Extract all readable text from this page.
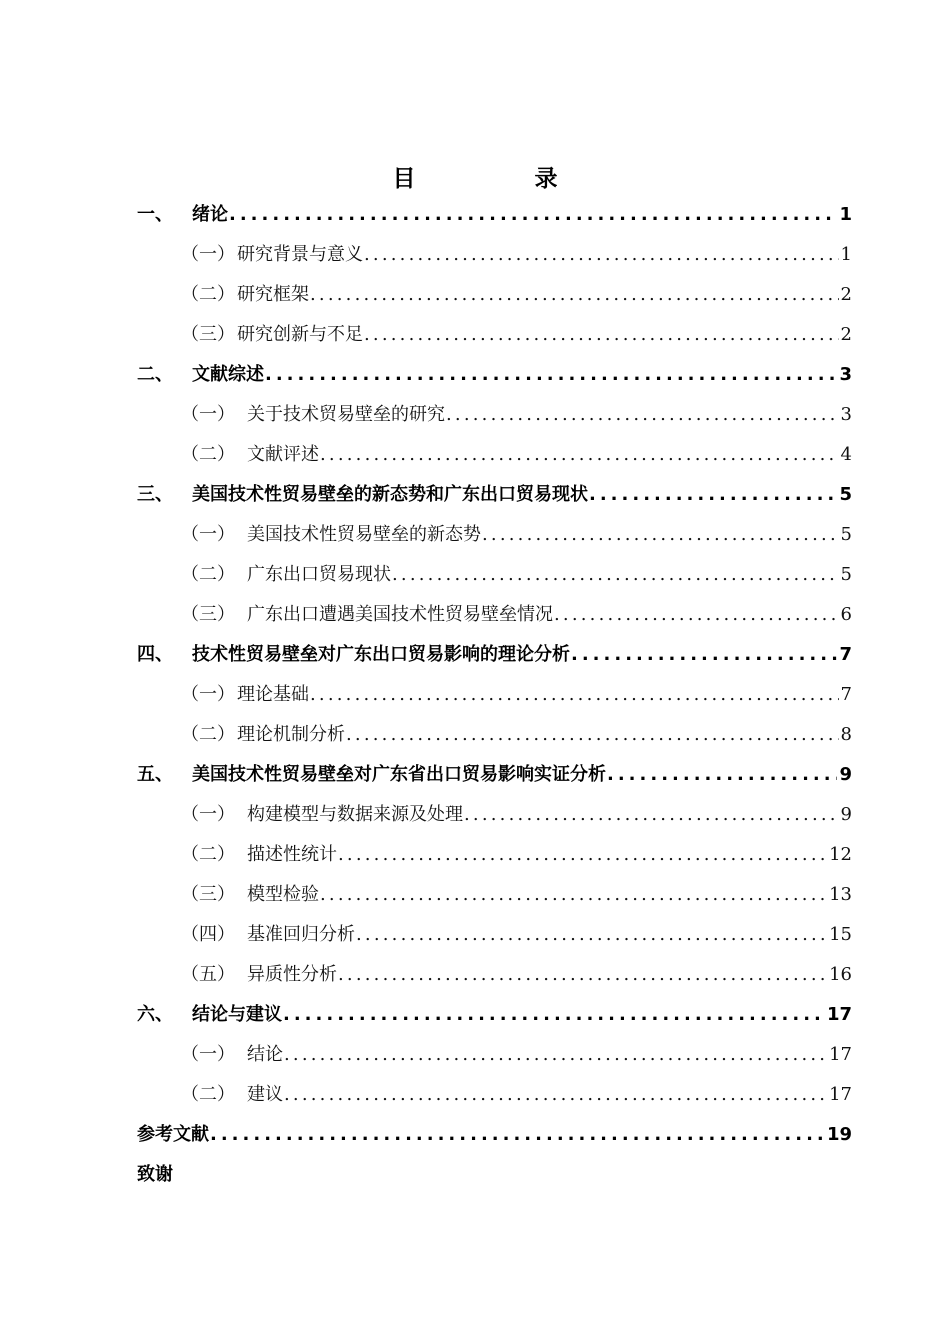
目　录
一、	绪论 .....	1
（一） 研究背景与意义 .....	1
（二） 研究框架 .....	2
（三） 研究创新与不足 .....	2
二、	文献综述 .....	3
（一） 关于技术贸易壁垒的研究 .....	3
（二） 文献评述 .....	4
三、	美国技术性贸易壁垒的新态势和广东出口贸易现状 .....	5
（一） 美国技术性贸易壁垒的新态势 .....	5
（二） 广东出口贸易现状 .....	5
（三） 广东出口遭遇美国技术性贸易壁垒情况 .....	6
四、	技术性贸易壁垒对广东出口贸易影响的理论分析 .....	7
（一） 理论基础 .....	7
（二） 理论机制分析 .....	8
五、	美国技术性贸易壁垒对广东省出口贸易影响实证分析 .....	9
（一） 构建模型与数据来源及处理 .....	9
（二） 描述性统计 .....	12
（三） 模型检验 .....	13
（四） 基准回归分析 .....	15
（五） 异质性分析 .....	16
六、	结论与建议 .....	17
（一） 结论 .....	17
（二） 建议 .....	17
参考文献 .....	19
致谢
